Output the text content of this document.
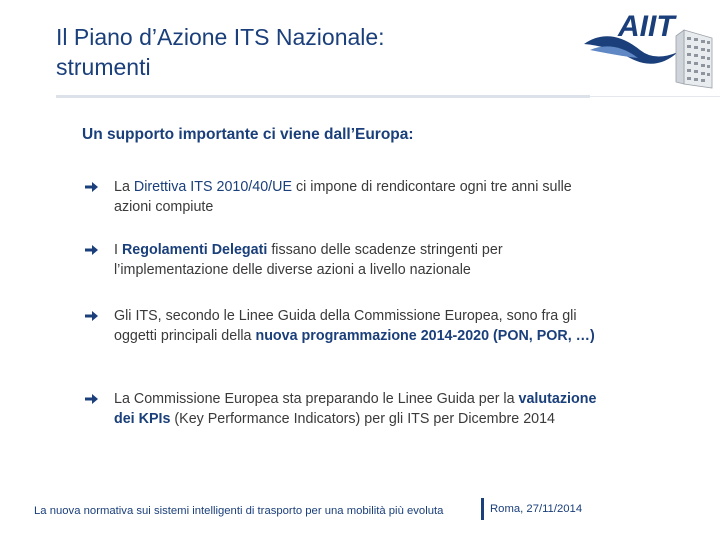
Il Piano d’Azione ITS Nazionale:
strumenti
AIIT
Un supporto importante ci viene dall’Europa:
La Direttiva ITS 2010/40/UE ci impone di rendicontare ogni tre anni sulle azioni compiute
I Regolamenti Delegati fissano delle scadenze stringenti per l’implementazione delle diverse azioni a livello nazionale
Gli ITS, secondo le Linee Guida della Commissione Europea, sono fra gli oggetti principali della nuova programmazione 2014-2020 (PON, POR, …)
La Commissione Europea sta preparando le Linee Guida per la valutazione dei KPIs (Key Performance Indicators) per gli ITS per Dicembre 2014
La nuova normativa sui sistemi intelligenti di trasporto per una mobilità più evoluta	Roma, 27/11/2014
